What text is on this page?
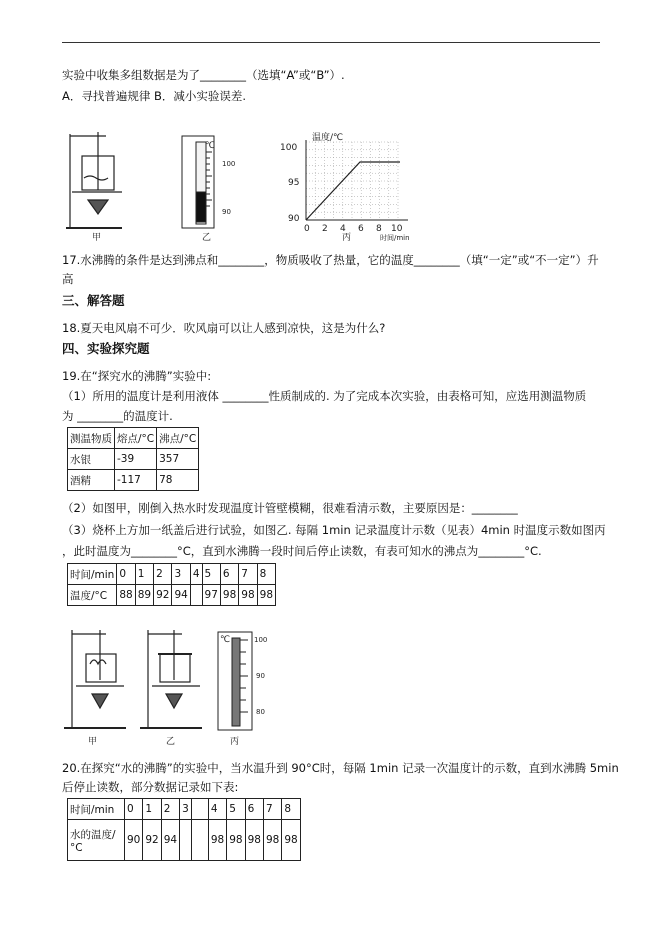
实验中收集多组数据是为了________（选填“A”或“B”）.
A．寻找普遍规律 B．减小实验误差.
甲
℃
100
90
乙
温度/℃
100
95
90
0 2 4 6 8 10
时间/min
丙
17.水沸腾的条件是达到沸点和________，物质吸收了热量，它的温度________（填“一定”或“不一定”）升
高
三、解答题
18.夏天电风扇不可少．吹风扇可以让人感到凉快，这是为什么?
四、实验探究题
19.在“探究水的沸腾”实验中:
（1）所用的温度计是利用液体 ________性质制成的. 为了完成本次实验，由表格可知，应选用测温物质
为 ________的温度计.
测温物质	熔点/°C	沸点/°C
水银	-39	357
酒精	-117	78
（2）如图甲，刚倒入热水时发现温度计管壁模糊，很难看清示数，主要原因是：________
（3）烧杯上方加一纸盖后进行试验，如图乙. 每隔 1min 记录温度计示数（见表）4min 时温度示数如图丙
，此时温度为________°C，直到水沸腾一段时间后停止读数，有表可知水的沸点为________°C.
时间/min	0	1	2	3	4	5	6	7	8
温度/°C	88	89	92	94		97	98	98	98
甲	乙
℃	100
90
80
丙
20.在探究“水的沸腾”的实验中，当水温升到 90°C时，每隔 1min 记录一次温度计的示数，直到水沸腾 5min
后停止读数，部分数据记录如下表:
时间/min	0	1	2	3		4	5	6	7	8
水的温度/°C	90	92	94			98	98	98	98	98
